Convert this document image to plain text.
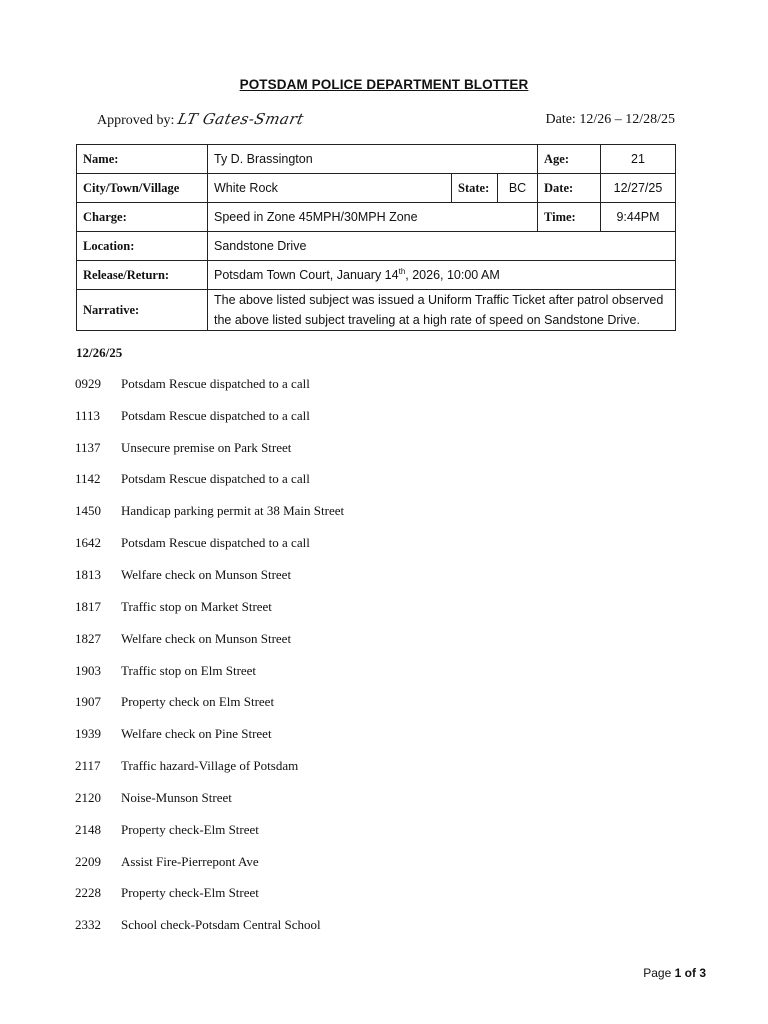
POTSDAM POLICE DEPARTMENT BLOTTER
Approved by: LT Gates-Smart	Date: 12/26 – 12/28/25
Name:	Ty D. Brassington			Age:	21
City/Town/Village	White Rock	State:	BC	Date:	12/27/25
Charge:	Speed in Zone 45MPH/30MPH Zone			Time:	9:44PM
Location:	Sandstone Drive				
Release/Return:	Potsdam Town Court, January 14th, 2026, 10:00 AM				
Narrative:	The above listed subject was issued a Uniform Traffic Ticket after patrol observed
the above listed subject traveling at a high rate of speed on Sandstone Drive.				
12/26/25
0929	Potsdam Rescue dispatched to a call
1113	Potsdam Rescue dispatched to a call
1137	Unsecure premise on Park Street
1142	Potsdam Rescue dispatched to a call
1450	Handicap parking permit at 38 Main Street
1642	Potsdam Rescue dispatched to a call
1813	Welfare check on Munson Street
1817	Traffic stop on Market Street
1827	Welfare check on Munson Street
1903	Traffic stop on Elm Street
1907	Property check on Elm Street
1939	Welfare check on Pine Street
2117	Traffic hazard-Village of Potsdam
2120	Noise-Munson Street
2148	Property check-Elm Street
2209	Assist Fire-Pierrepont Ave
2228	Property check-Elm Street
2332	School check-Potsdam Central School
Page 1 of 3
